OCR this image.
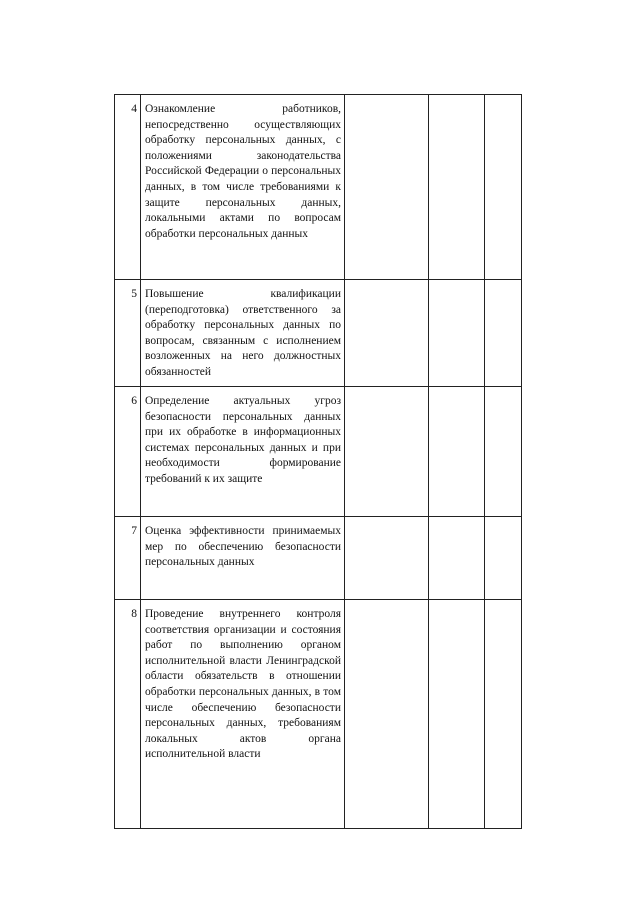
4	Ознакомление работников, непосредственно осуществляющих обработку персональных данных, с положениями законодательства Российской Федерации о персональных данных, в том числе требованиями к защите персональных данных, локальными актами по вопросам обработки персональных данных			
5	Повышение квалификации (переподготовка) ответственного за обработку персональных данных по вопросам, связанным с исполнением возложенных на него должностных обязанностей			
6	Определение актуальных угроз безопасности персональных данных при их обработке в информационных системах персональных данных и при необходимости формирование требований к их защите			
7	Оценка эффективности принимаемых мер по обеспечению безопасности персональных данных			
8	Проведение внутреннего контроля соответствия организации и состояния работ по выполнению органом исполнительной власти Ленинградской области обязательств в отношении обработки персональных данных, в том числе обеспечению безопасности персональных данных, требованиям локальных актов органа исполнительной власти			
